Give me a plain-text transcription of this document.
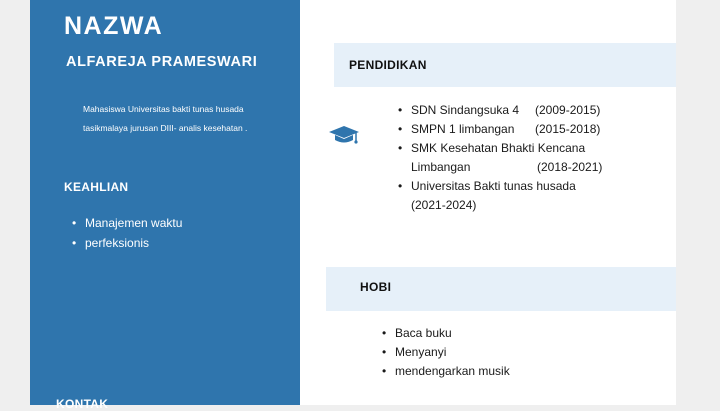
NAZWA
ALFAREJA PRAMESWARI

Mahasiswa Universitas bakti tunas husada tasikmalaya jurusan DIII- analis kesehatan .

KEAHLIAN
• Manajemen waktu
• perfeksionis
KONTAK
PENDIDIKAN
• SDN Sindangsuka 4 (2009-2015)
• SMPN 1 limbangan (2015-2018)
• SMK Kesehatan Bhakti Kencana Limbangan	(2018-2021)
• Universitas Bakti tunas husada
(2021-2024)
HOBI
• Baca buku
• Menyanyi
• mendengarkan musik
